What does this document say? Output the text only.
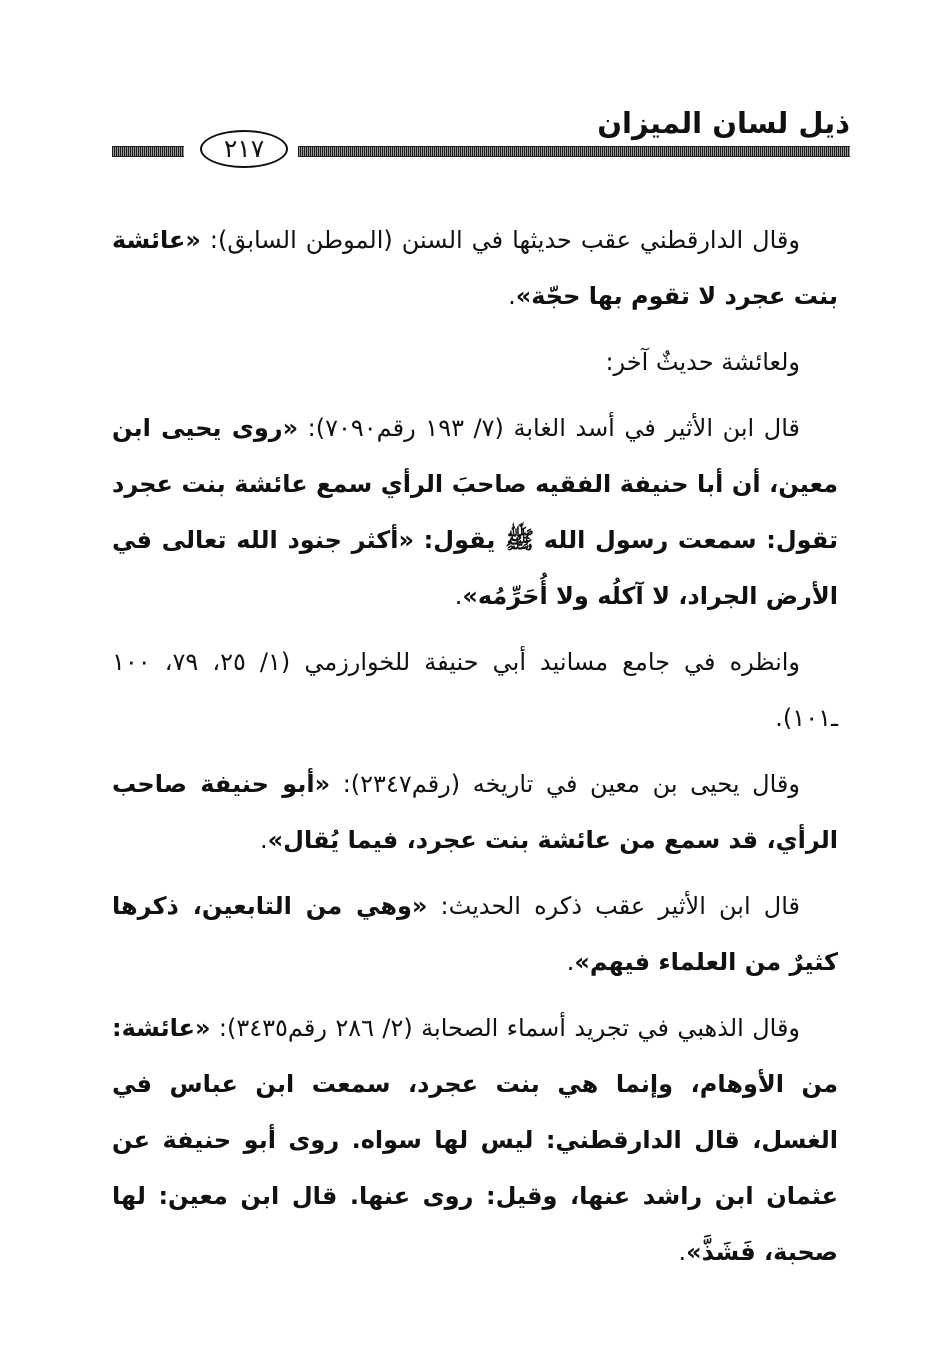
ذيل لسان الميزان
٢١٧

وقال الدارقطني عقب حديثها في السنن (الموطن السابق): «عائشة بنت عجرد لا تقوم بها حجّة».

ولعائشة حديثٌ آخر:

قال ابن الأثير في أسد الغابة (٧/ ١٩٣ رقم٧٠٩٠): «روى يحيى ابن معين، أن أبا حنيفة الفقيه صاحبَ الرأي سمع عائشة بنت عجرد تقول: سمعت رسول الله ﷺ يقول: «أكثر جنود الله تعالى في الأرض الجراد، لا آكلُه ولا أُحَرِّمُه».

وانظره في جامع مسانيد أبي حنيفة للخوارزمي (١/ ٢٥، ٧٩، ١٠٠ ـ١٠١).

وقال يحيى بن معين في تاريخه (رقم٢٣٤٧): «أبو حنيفة صاحب الرأي، قد سمع من عائشة بنت عجرد، فيما يُقال».

قال ابن الأثير عقب ذكره الحديث: «وهي من التابعين، ذكرها كثيرٌ من العلماء فيهم».

وقال الذهبي في تجريد أسماء الصحابة (٢/ ٢٨٦ رقم٣٤٣٥): «عائشة: من الأوهام، وإنما هي بنت عجرد، سمعت ابن عباس في الغسل، قال الدارقطني: ليس لها سواه. روى أبو حنيفة عن عثمان ابن راشد عنها، وقيل: روى عنها. قال ابن معين: لها صحبة، فَشَذَّ».
